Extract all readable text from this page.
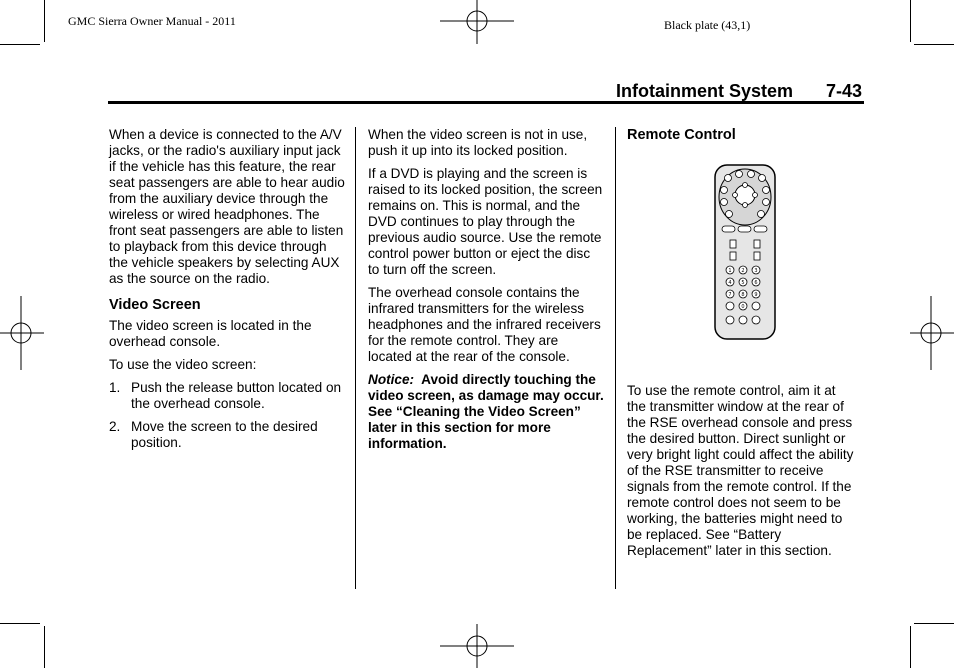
GMC Sierra Owner Manual - 2011	Black plate (43,1)
Infotainment System 7-43

When a device is connected to the A/V jacks, or the radio's auxiliary input jack if the vehicle has this feature, the rear seat passengers are able to hear audio from the auxiliary device through the wireless or wired headphones. The front seat passengers are able to listen to playback from this device through the vehicle speakers by selecting AUX as the source on the radio.

Video Screen

The video screen is located in the overhead console.

To use the video screen:

1. Push the release button located on the overhead console.
2. Move the screen to the desired position.

When the video screen is not in use, push it up into its locked position.

If a DVD is playing and the screen is raised to its locked position, the screen remains on. This is normal, and the DVD continues to play through the previous audio source. Use the remote control power button or eject the disc to turn off the screen.

The overhead console contains the infrared transmitters for the wireless headphones and the infrared receivers for the remote control. They are located at the rear of the console.

Notice: Avoid directly touching the video screen, as damage may occur. See “Cleaning the Video Screen” later in this section for more information.

Remote Control
1 2 3
4 5 6
7 8 9
0

To use the remote control, aim it at the transmitter window at the rear of the RSE overhead console and press the desired button. Direct sunlight or very bright light could affect the ability of the RSE transmitter to receive signals from the remote control. If the remote control does not seem to be working, the batteries might need to be replaced. See “Battery Replacement” later in this section.
